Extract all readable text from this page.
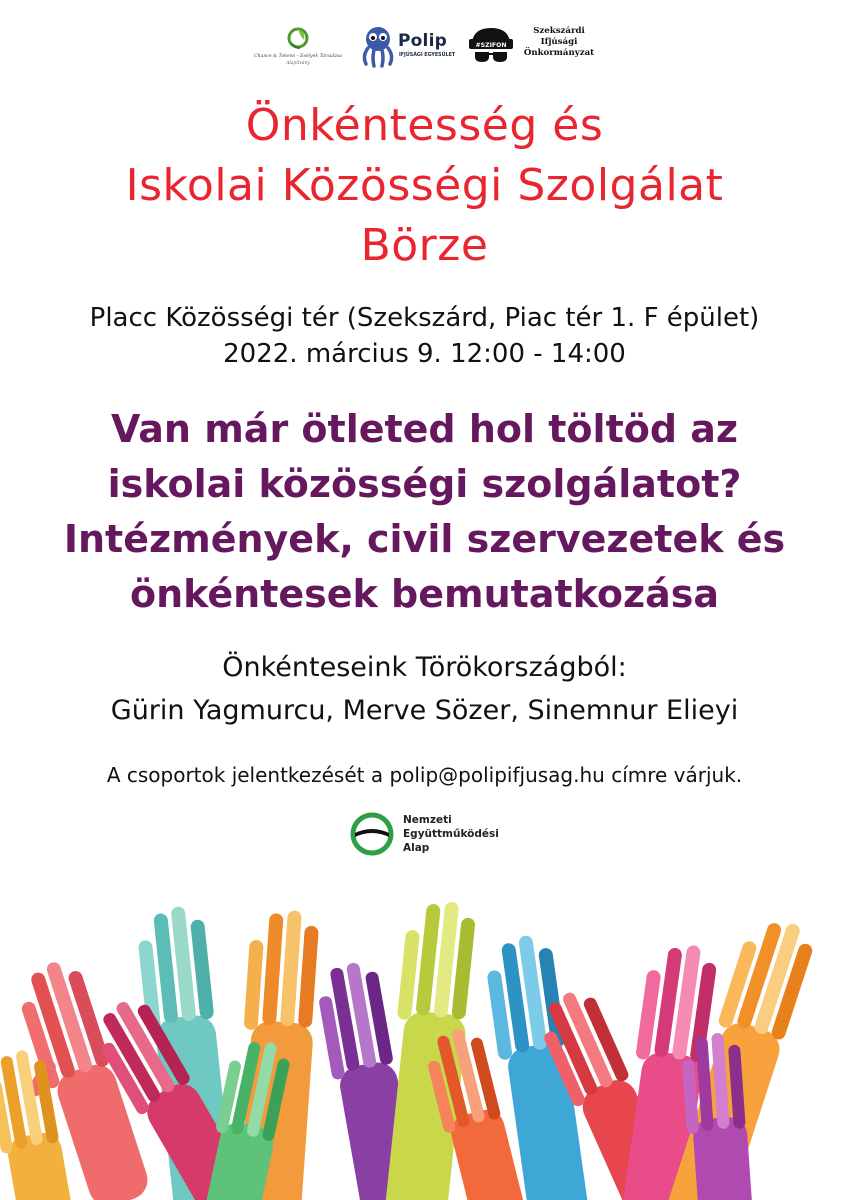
Chance & Tokens – Esélyek Társulása
Alapítvány
Polip
IFJÚSÁGI EGYESÜLET
#SZIFON
Szekszárdi
Ifjúsági
Önkormányzat
Önkéntesség és
Iskolai Közösségi Szolgálat
Börze
Placc Közösségi tér (Szekszárd, Piac tér 1. F épület)
2022. március 9. 12:00 - 14:00
Van már ötleted hol töltöd az
iskolai közösségi szolgálatot?
Intézmények, civil szervezetek és
önkéntesek bemutatkozása
Önkénteseink Törökországból:
Gürin Yagmurcu, Merve Sözer, Sinemnur Elieyi
A csoportok jelentkezését a polip@polipifjusag.hu címre várjuk.
Nemzeti
Együttműködési
Alap
